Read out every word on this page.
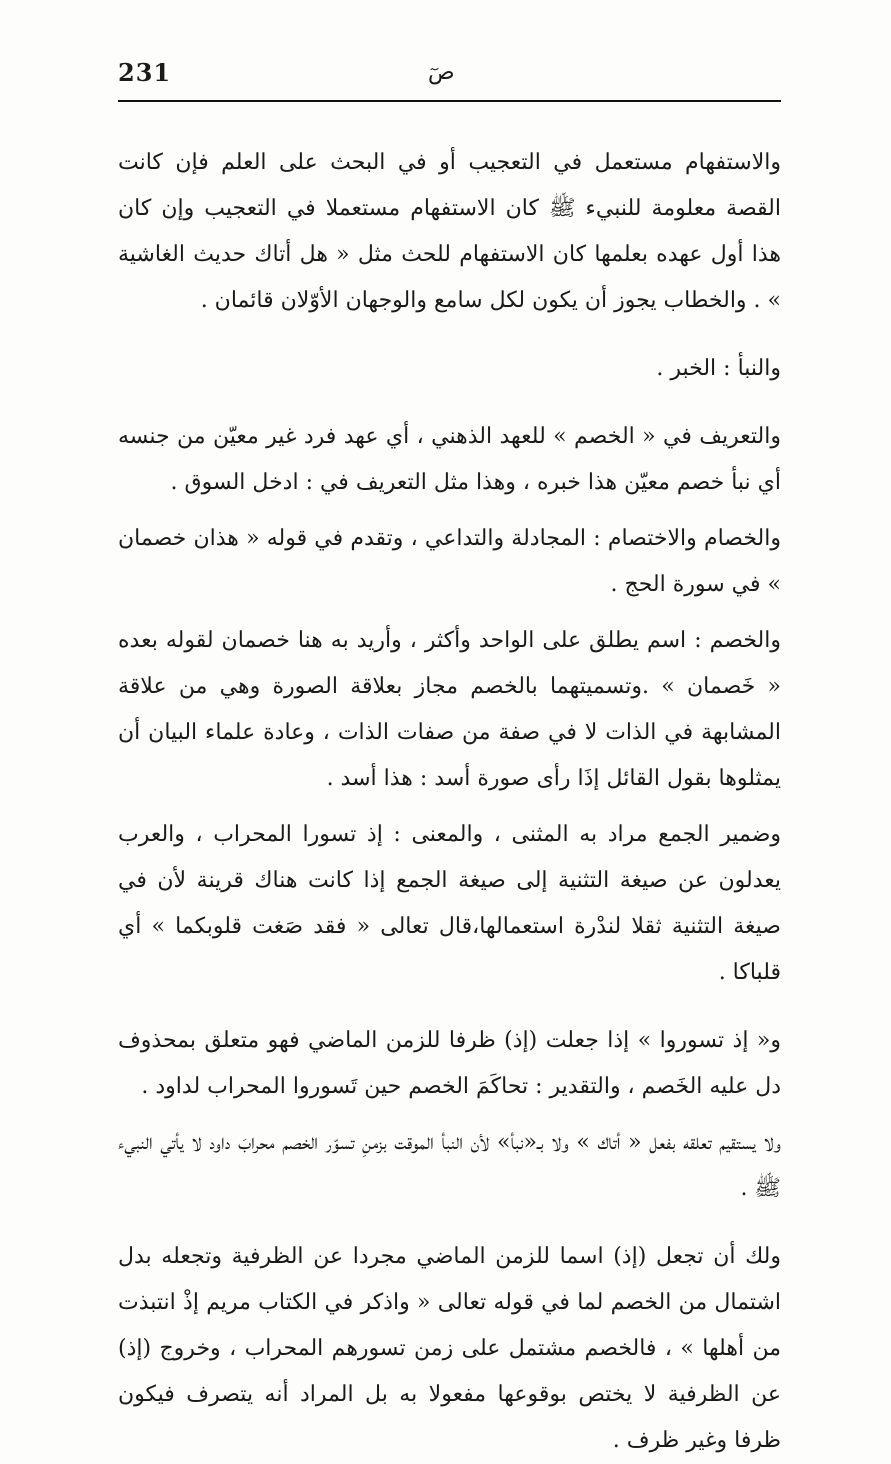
231	صٓ

والاستفهام مستعمل في التعجيب أو في البحث على العلم فإن كانت القصة معلومة للنبيء ﷺ كان الاستفهام مستعملا في التعجيب وإن كان هذا أول عهده بعلمها كان الاستفهام للحث مثل « هل أتاك حديث الغاشية » . والخطاب يجوز أن يكون لكل سامع والوجهان الأوّلان قائمان .

والنبأ : الخبر .

والتعريف في « الخصم » للعهد الذهني ، أي عهد فرد غير معيّن من جنسه أي نبأ خصم معيّن هذا خبره ، وهذا مثل التعريف في : ادخل السوق .

والخصام والاختصام : المجادلة والتداعي ، وتقدم في قوله « هذان خصمان » في سورة الحج .

والخصم : اسم يطلق على الواحد وأكثر ، وأريد به هنا خصمان لقوله بعده « خَصمان » .وتسميتهما بالخصم مجاز بعلاقة الصورة وهي من علاقة المشابهة في الذات لا في صفة من صفات الذات ، وعادة علماء البيان أن يمثلوها بقول القائل إذَا رأى صورة أسد : هذا أسد .

وضمير الجمع مراد به المثنى ، والمعنى : إذ تسورا المحراب ، والعرب يعدلون عن صيغة التثنية إلى صيغة الجمع إذا كانت هناك قرينة لأن في صيغة التثنية ثقلا لندْرة استعمالها،قال تعالى « فقد صَغت قلوبكما » أي قلباكا .

و« إذ تسوروا » إذا جعلت (إذ) ظرفا للزمن الماضي فهو متعلق بمحذوف دل عليه الخَصم ، والتقدير : تحاكَمَ الخصم حين تَسوروا المحراب لداود .

ولا يستقيم تعلقه بفعل « أتاك » ولا بـ«نبأ» لأن النبأ الموقت بزمنِ تسوّر الخصم محرابَ داود لا يأتي النبيء ﷺ .

ولك أن تجعل (إذ) اسما للزمن الماضي مجردا عن الظرفية وتجعله بدل اشتمال من الخصم لما في قوله تعالى « واذكر في الكتاب مريم إذْ انتبذت من أهلها » ، فالخصم مشتمل على زمن تسورهم المحراب ، وخروج (إذ) عن الظرفية لا يختص بوقوعها مفعولا به بل المراد أنه يتصرف فيكون ظرفا وغير ظرف .
